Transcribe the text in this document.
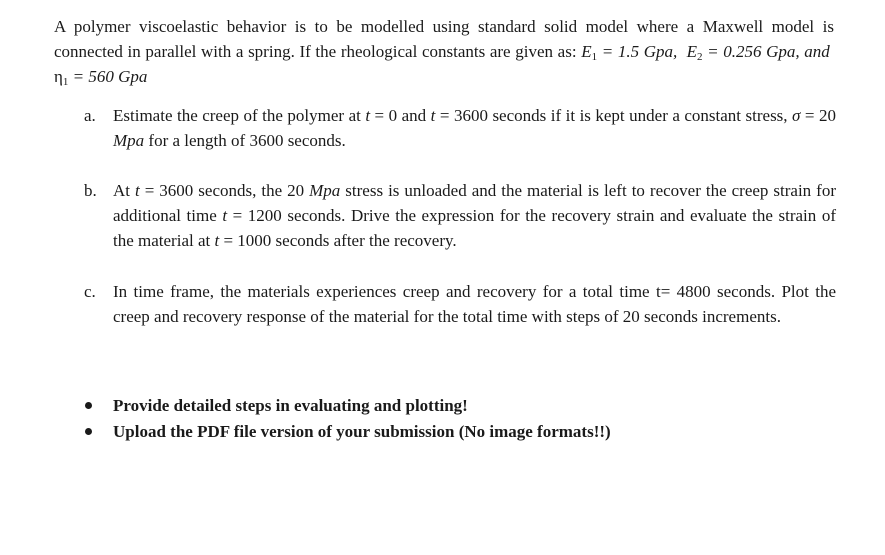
A polymer viscoelastic behavior is to be modelled using standard solid model where a Maxwell model is connected in parallel with a spring. If the rheological constants are given as: $E_1 = 1.5$ Gpa, $E_2 = 0.256$ Gpa, and  $\eta_1 = 560$ Gpa
a.	Estimate the creep of the polymer at t = 0 and t = 3600 seconds if it is kept under a constant stress, σ = 20 Mpa for a length of 3600 seconds.
b. At t = 3600 seconds, the 20 Mpa stress is unloaded and the material is left to recover the creep strain for additional time t = 1200 seconds. Drive the expression for the recovery strain and evaluate the strain of the material at t = 1000 seconds after the recovery.
c.	In time frame, the materials experiences creep and recovery for a total time t= 4800 seconds. Plot the creep and recovery response of the material for the total time with steps of 20 seconds increments.
Provide detailed steps in evaluating and plotting!
Upload the PDF file version of your submission (No image formats!!)
